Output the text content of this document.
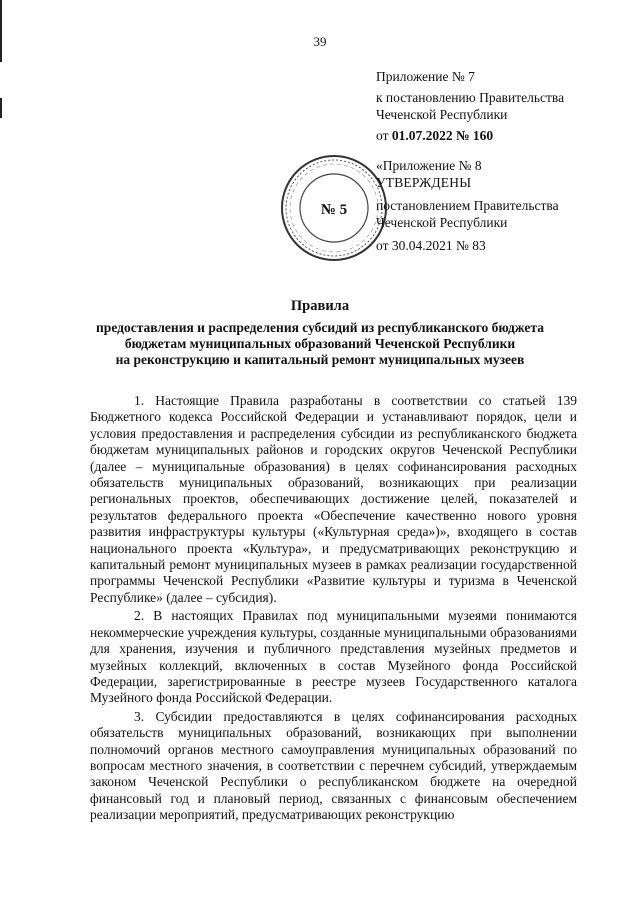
39
Приложение № 7
к постановлению Правительства
Чеченской Республики
от 01.07.2022 № 160
№ 5
«Приложение № 8
УТВЕРЖДЕНЫ
постановлением Правительства
Чеченской Республики
от 30.04.2021 № 83
Правила
предоставления и распределения субсидий из республиканского бюджета
бюджетам муниципальных образований Чеченской Республики
на реконструкцию и капитальный ремонт муниципальных музеев

1. Настоящие Правила разработаны в соответствии со статьей 139 Бюджетного кодекса Российской Федерации и устанавливают порядок, цели и условия предоставления и распределения субсидии из республиканского бюджета бюджетам муниципальных районов и городских округов Чеченской Республики (далее – муниципальные образования) в целях софинансирования расходных обязательств муниципальных образований, возникающих при реализации региональных проектов, обеспечивающих достижение целей, показателей и результатов федерального проекта «Обеспечение качественно нового уровня развития инфраструктуры культуры («Культурная среда»)», входящего в состав национального проекта «Культура», и предусматривающих реконструкцию и капитальный ремонт муниципальных музеев в рамках реализации государственной программы Чеченской Республики «Развитие культуры и туризма в Чеченской Республике» (далее – субсидия).

2. В настоящих Правилах под муниципальными музеями понимаются некоммерческие учреждения культуры, созданные муниципальными образованиями для хранения, изучения и публичного представления музейных предметов и музейных коллекций, включенных в состав Музейного фонда Российской Федерации, зарегистрированные в реестре музеев Государственного каталога Музейного фонда Российской Федерации.

3. Субсидии предоставляются в целях софинансирования расходных обязательств муниципальных образований, возникающих при выполнении полномочий органов местного самоуправления муниципальных образований по вопросам местного значения, в соответствии с перечнем субсидий, утверждаемым законом Чеченской Республики о республиканском бюджете на очередной финансовый год и плановый период, связанных с финансовым обеспечением реализации мероприятий, предусматривающих реконструкцию
